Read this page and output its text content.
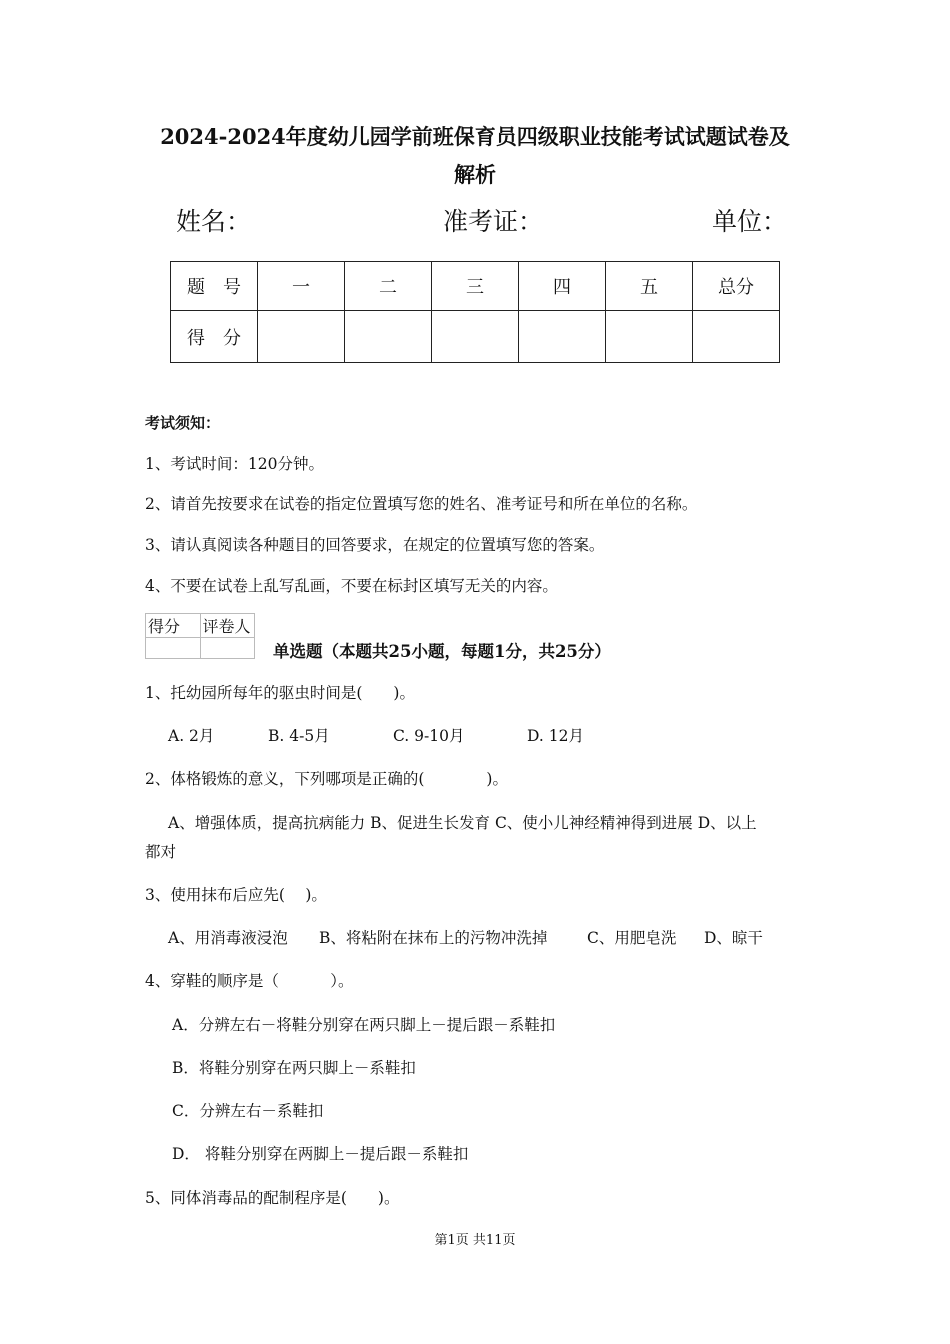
2024-2024年度幼儿园学前班保育员四级职业技能考试试题试卷及
解析
姓名：	准考证：	单位：
题　号	一	二	三	四	五	总分
得　分						
考试须知：
1、考试时间：120分钟。
2、请首先按要求在试卷的指定位置填写您的姓名、准考证号和所在单位的名称。
3、请认真阅读各种题目的回答要求，在规定的位置填写您的答案。
4、不要在试卷上乱写乱画，不要在标封区填写无关的内容。
得分	评卷人

单选题（本题共25小题，每题1分，共25分）
1、托幼园所每年的驱虫时间是(　　)。
A. 2月	B. 4-5月	C. 9-10月	D. 12月
2、体格锻炼的意义，下列哪项是正确的(　　　　)。
A、增强体质，提高抗病能力 B、促进生长发育 C、使小儿神经精神得到进展 D、以上
都对
3、使用抹布后应先(　 )。
A、用消毒液浸泡 B、将粘附在抹布上的污物冲洗掉	C、用肥皂洗 D、晾干
4、穿鞋的顺序是（　　　 ）。
A．分辨左右－将鞋分别穿在两只脚上－提后跟－系鞋扣
B．将鞋分别穿在两只脚上－系鞋扣
C．分辨左右－系鞋扣
D． 将鞋分别穿在两脚上－提后跟－系鞋扣
5、同体消毒品的配制程序是(　　)。
第1页 共11页
